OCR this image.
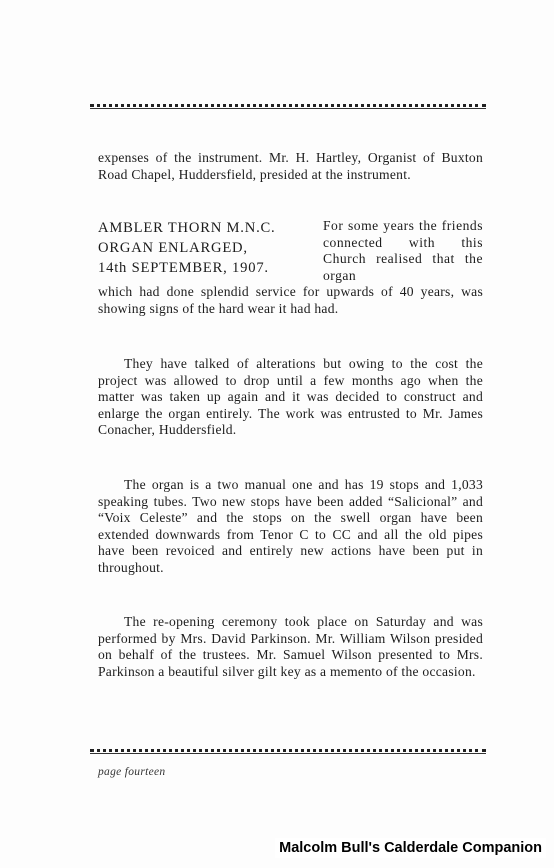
expenses of the instrument. Mr. H. Hartley, Organist of Buxton Road Chapel, Huddersfield, presided at the instrument.
AMBLER THORN M.N.C.
ORGAN ENLARGED,
14th SEPTEMBER, 1907.
For some years the friends connected with this Church realised that the organ
which had done splendid service for upwards of 40 years, was showing signs of the hard wear it had had.
They have talked of alterations but owing to the cost the project was allowed to drop until a few months ago when the matter was taken up again and it was decided to construct and enlarge the organ entirely. The work was entrusted to Mr. James Conacher, Huddersfield.
The organ is a two manual one and has 19 stops and 1,033 speaking tubes. Two new stops have been added “Salicional” and “Voix Celeste” and the stops on the swell organ have been extended downwards from Tenor C to CC and all the old pipes have been revoiced and entirely new actions have been put in throughout.
The re-opening ceremony took place on Saturday and was performed by Mrs. David Parkinson. Mr. William Wilson presided on behalf of the trustees. Mr. Samuel Wilson presented to Mrs. Parkinson a beautiful silver gilt key as a memento of the occasion.
page fourteen
Malcolm Bull's Calderdale Companion
